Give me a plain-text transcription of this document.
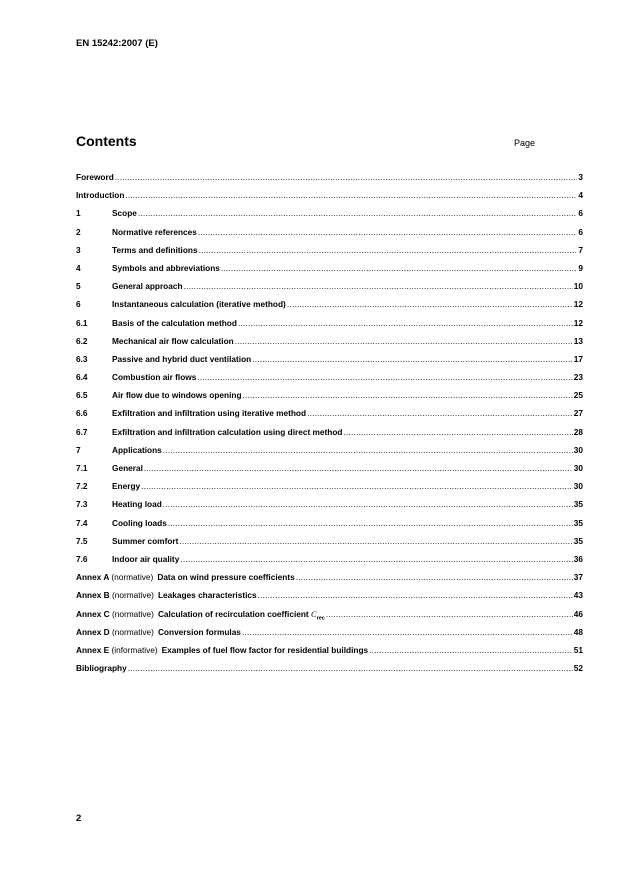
EN 15242:2007 (E)
Contents	Page
Foreword .....	3
Introduction .....	4
1	Scope .....	6
2	Normative references .....	6
3	Terms and definitions .....	7
4	Symbols and abbreviations .....	9
5	General approach .....	10
6	Instantaneous calculation (iterative method) .....	12
6.1	Basis of the calculation method .....	12
6.2	Mechanical air flow calculation .....	13
6.3	Passive and hybrid duct ventilation .....	17
6.4	Combustion air flows .....	23
6.5	Air flow due to windows opening .....	25
6.6	Exfiltration and infiltration using iterative method .....	27
6.7	Exfiltration and infiltration calculation using direct method .....	28
7	Applications .....	30
7.1	General .....	30
7.2	Energy .....	30
7.3	Heating load .....	35
7.4	Cooling loads .....	35
7.5	Summer comfort .....	35
7.6	Indoor air quality .....	36
Annex A (normative) Data on wind pressure coefficients .....	37
Annex B (normative) Leakages characteristics .....	43
Annex C (normative) Calculation of recirculation coefficient $C_{rec}$ .....	46
Annex D (normative) Conversion formulas .....	48
Annex E (informative) Examples of fuel flow factor for residential buildings .....	51
Bibliography .....	52
2
